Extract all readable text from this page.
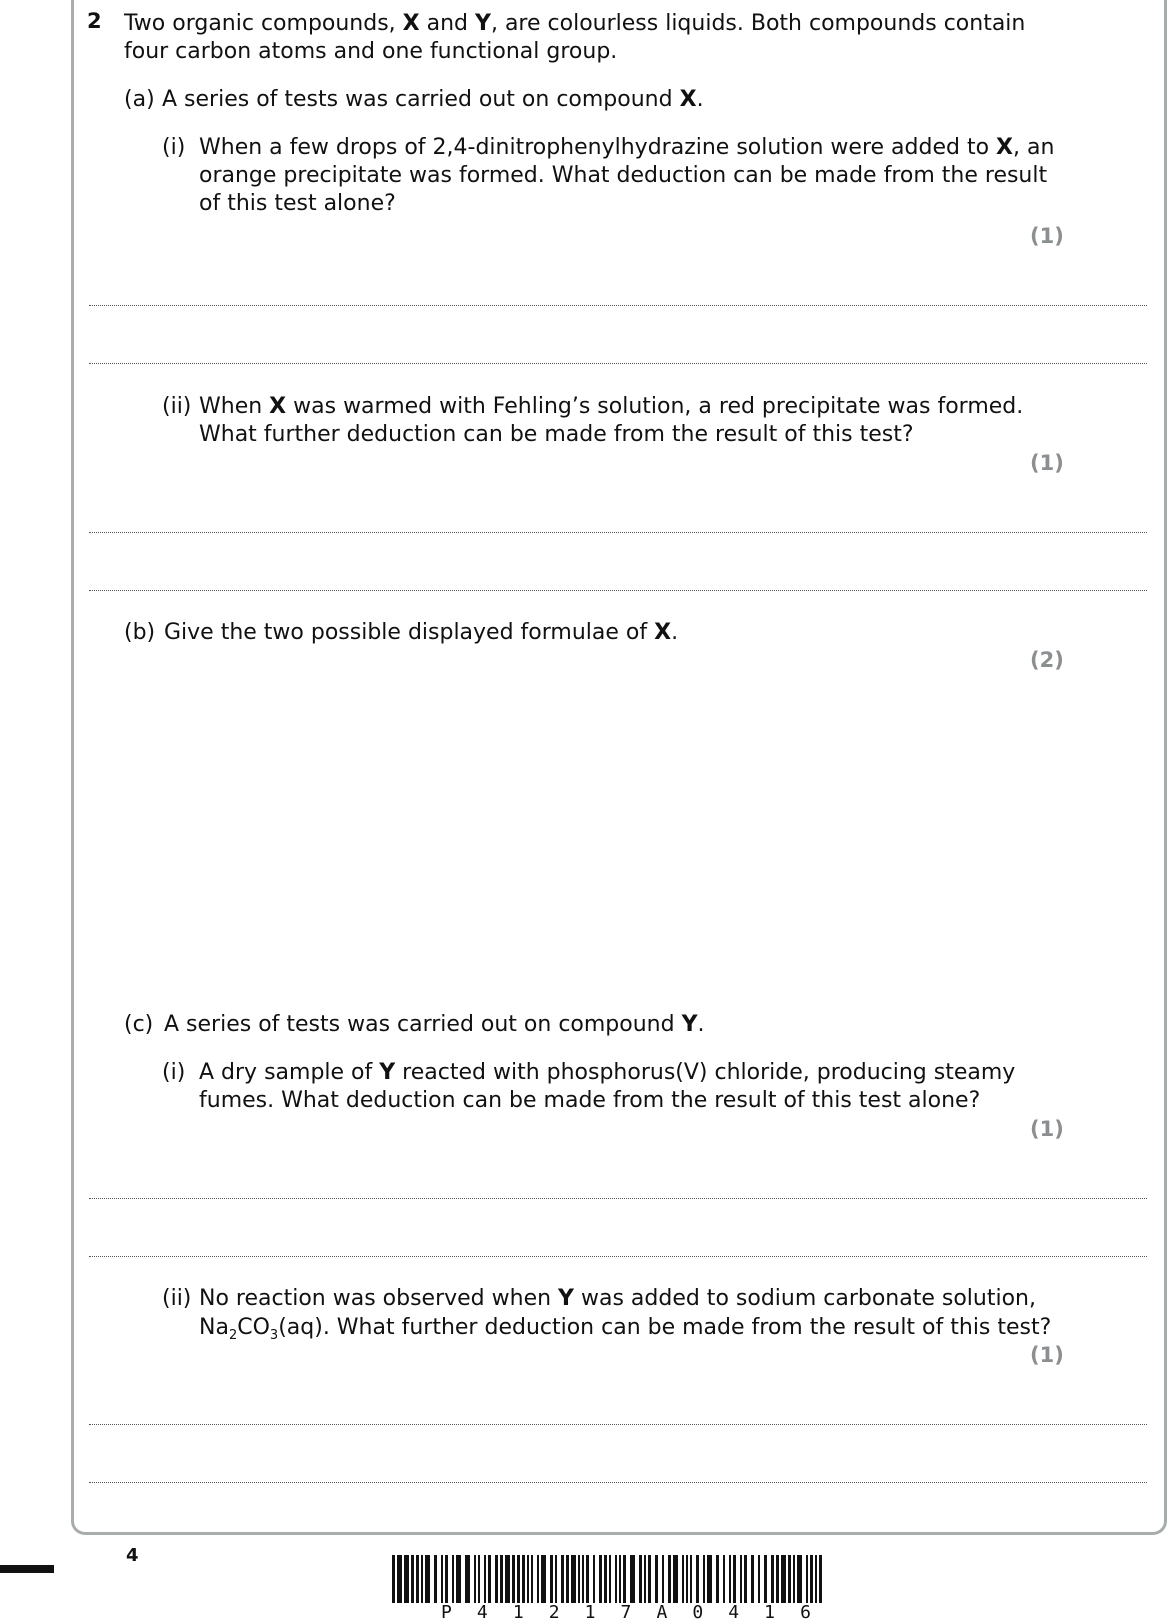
2 Two organic compounds, X and Y, are colourless liquids. Both compounds contain
four carbon atoms and one functional group.
(a) A series of tests was carried out on compound X.
(i) When a few drops of 2,4-dinitrophenylhydrazine solution were added to X, an
orange precipitate was formed. What deduction can be made from the result
of this test alone?
(1)
(ii) When X was warmed with Fehling’s solution, a red precipitate was formed.
What further deduction can be made from the result of this test?
(1)
(b) Give the two possible displayed formulae of X.
(2)
(c) A series of tests was carried out on compound Y.
(i) A dry sample of Y reacted with phosphorus(V) chloride, producing steamy
fumes. What deduction can be made from the result of this test alone?
(1)
(ii) No reaction was observed when Y was added to sodium carbonate solution,
$Na_2CO_3(aq)$. What further deduction can be made from the result of this test?
(1)
4
P 4 1 2 1 7 A 0 4 1 6
